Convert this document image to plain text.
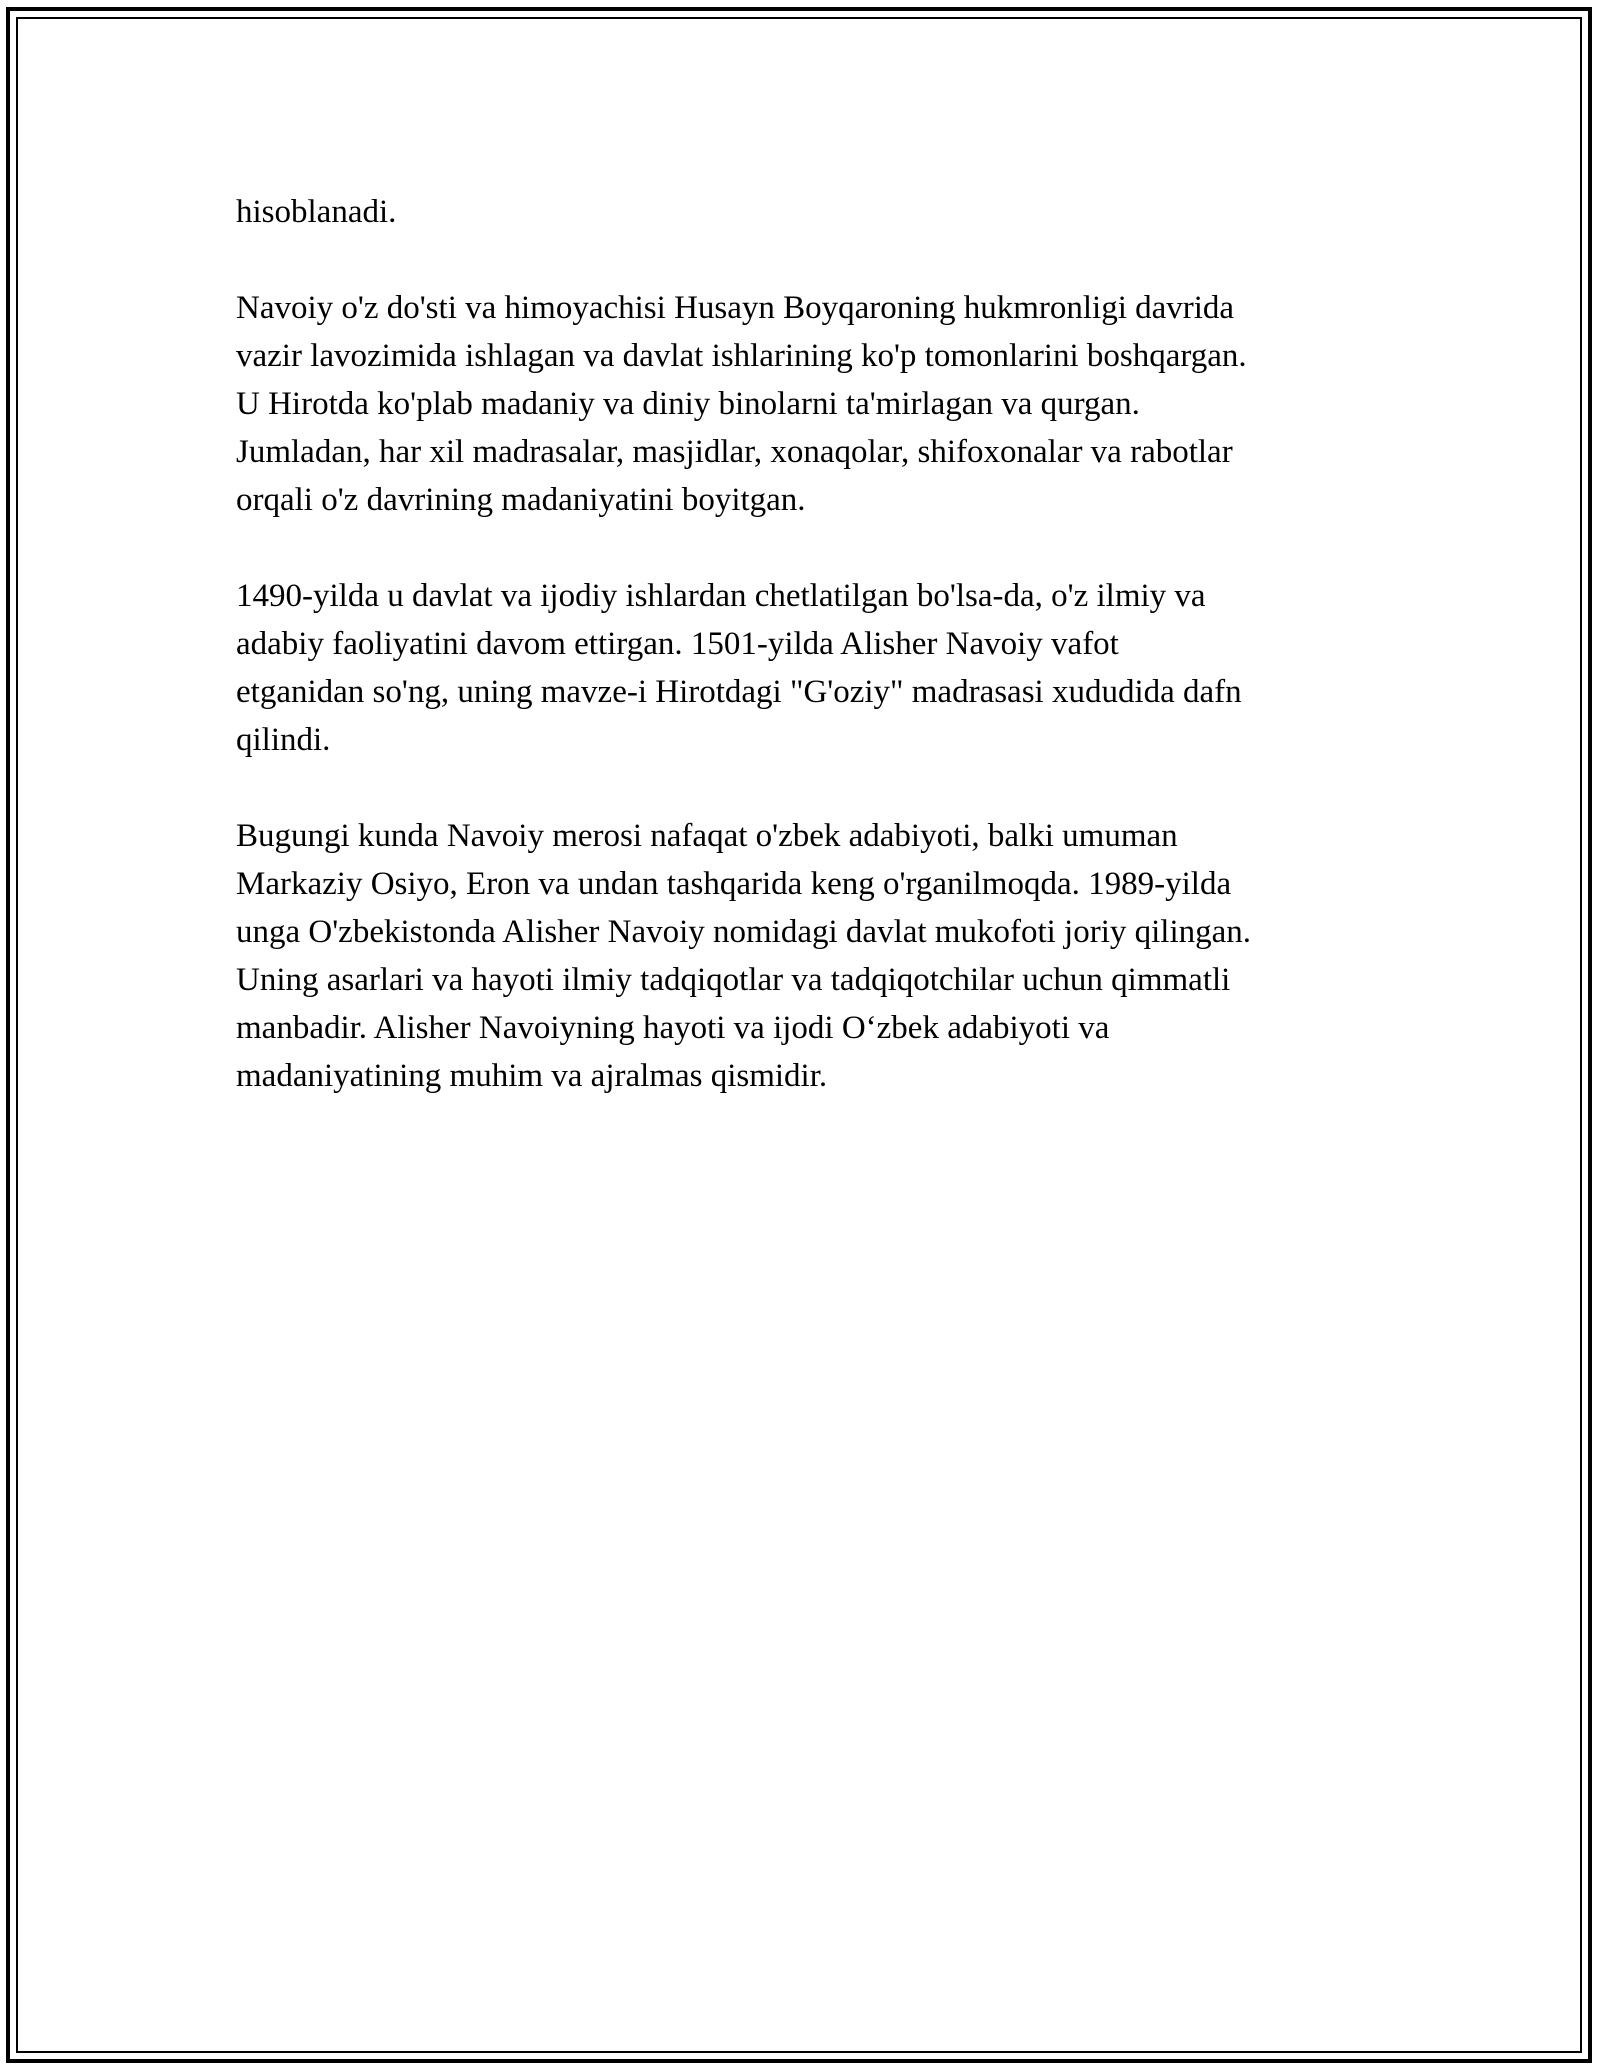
hisoblanadi.

Navoiy o'z do'sti va himoyachisi Husayn Boyqaroning hukmronligi davrida
vazir lavozimida ishlagan va davlat ishlarining ko'p tomonlarini boshqargan.
U Hirotda ko'plab madaniy va diniy binolarni ta'mirlagan va qurgan.
Jumladan, har xil madrasalar, masjidlar, xonaqolar, shifoxonalar va rabotlar
orqali o'z davrining madaniyatini boyitgan.

1490-yilda u davlat va ijodiy ishlardan chetlatilgan bo'lsa-da, o'z ilmiy va
adabiy faoliyatini davom ettirgan. 1501-yilda Alisher Navoiy vafot
etganidan so'ng, uning mavze-i Hirotdagi "G'oziy" madrasasi xududida dafn
qilindi.

Bugungi kunda Navoiy merosi nafaqat o'zbek adabiyoti, balki umuman
Markaziy Osiyo, Eron va undan tashqarida keng o'rganilmoqda. 1989-yilda
unga O'zbekistonda Alisher Navoiy nomidagi davlat mukofoti joriy qilingan.
Uning asarlari va hayoti ilmiy tadqiqotlar va tadqiqotchilar uchun qimmatli
manbadir. Alisher Navoiyning hayoti va ijodi O‘zbek adabiyoti va
madaniyatining muhim va ajralmas qismidir.
